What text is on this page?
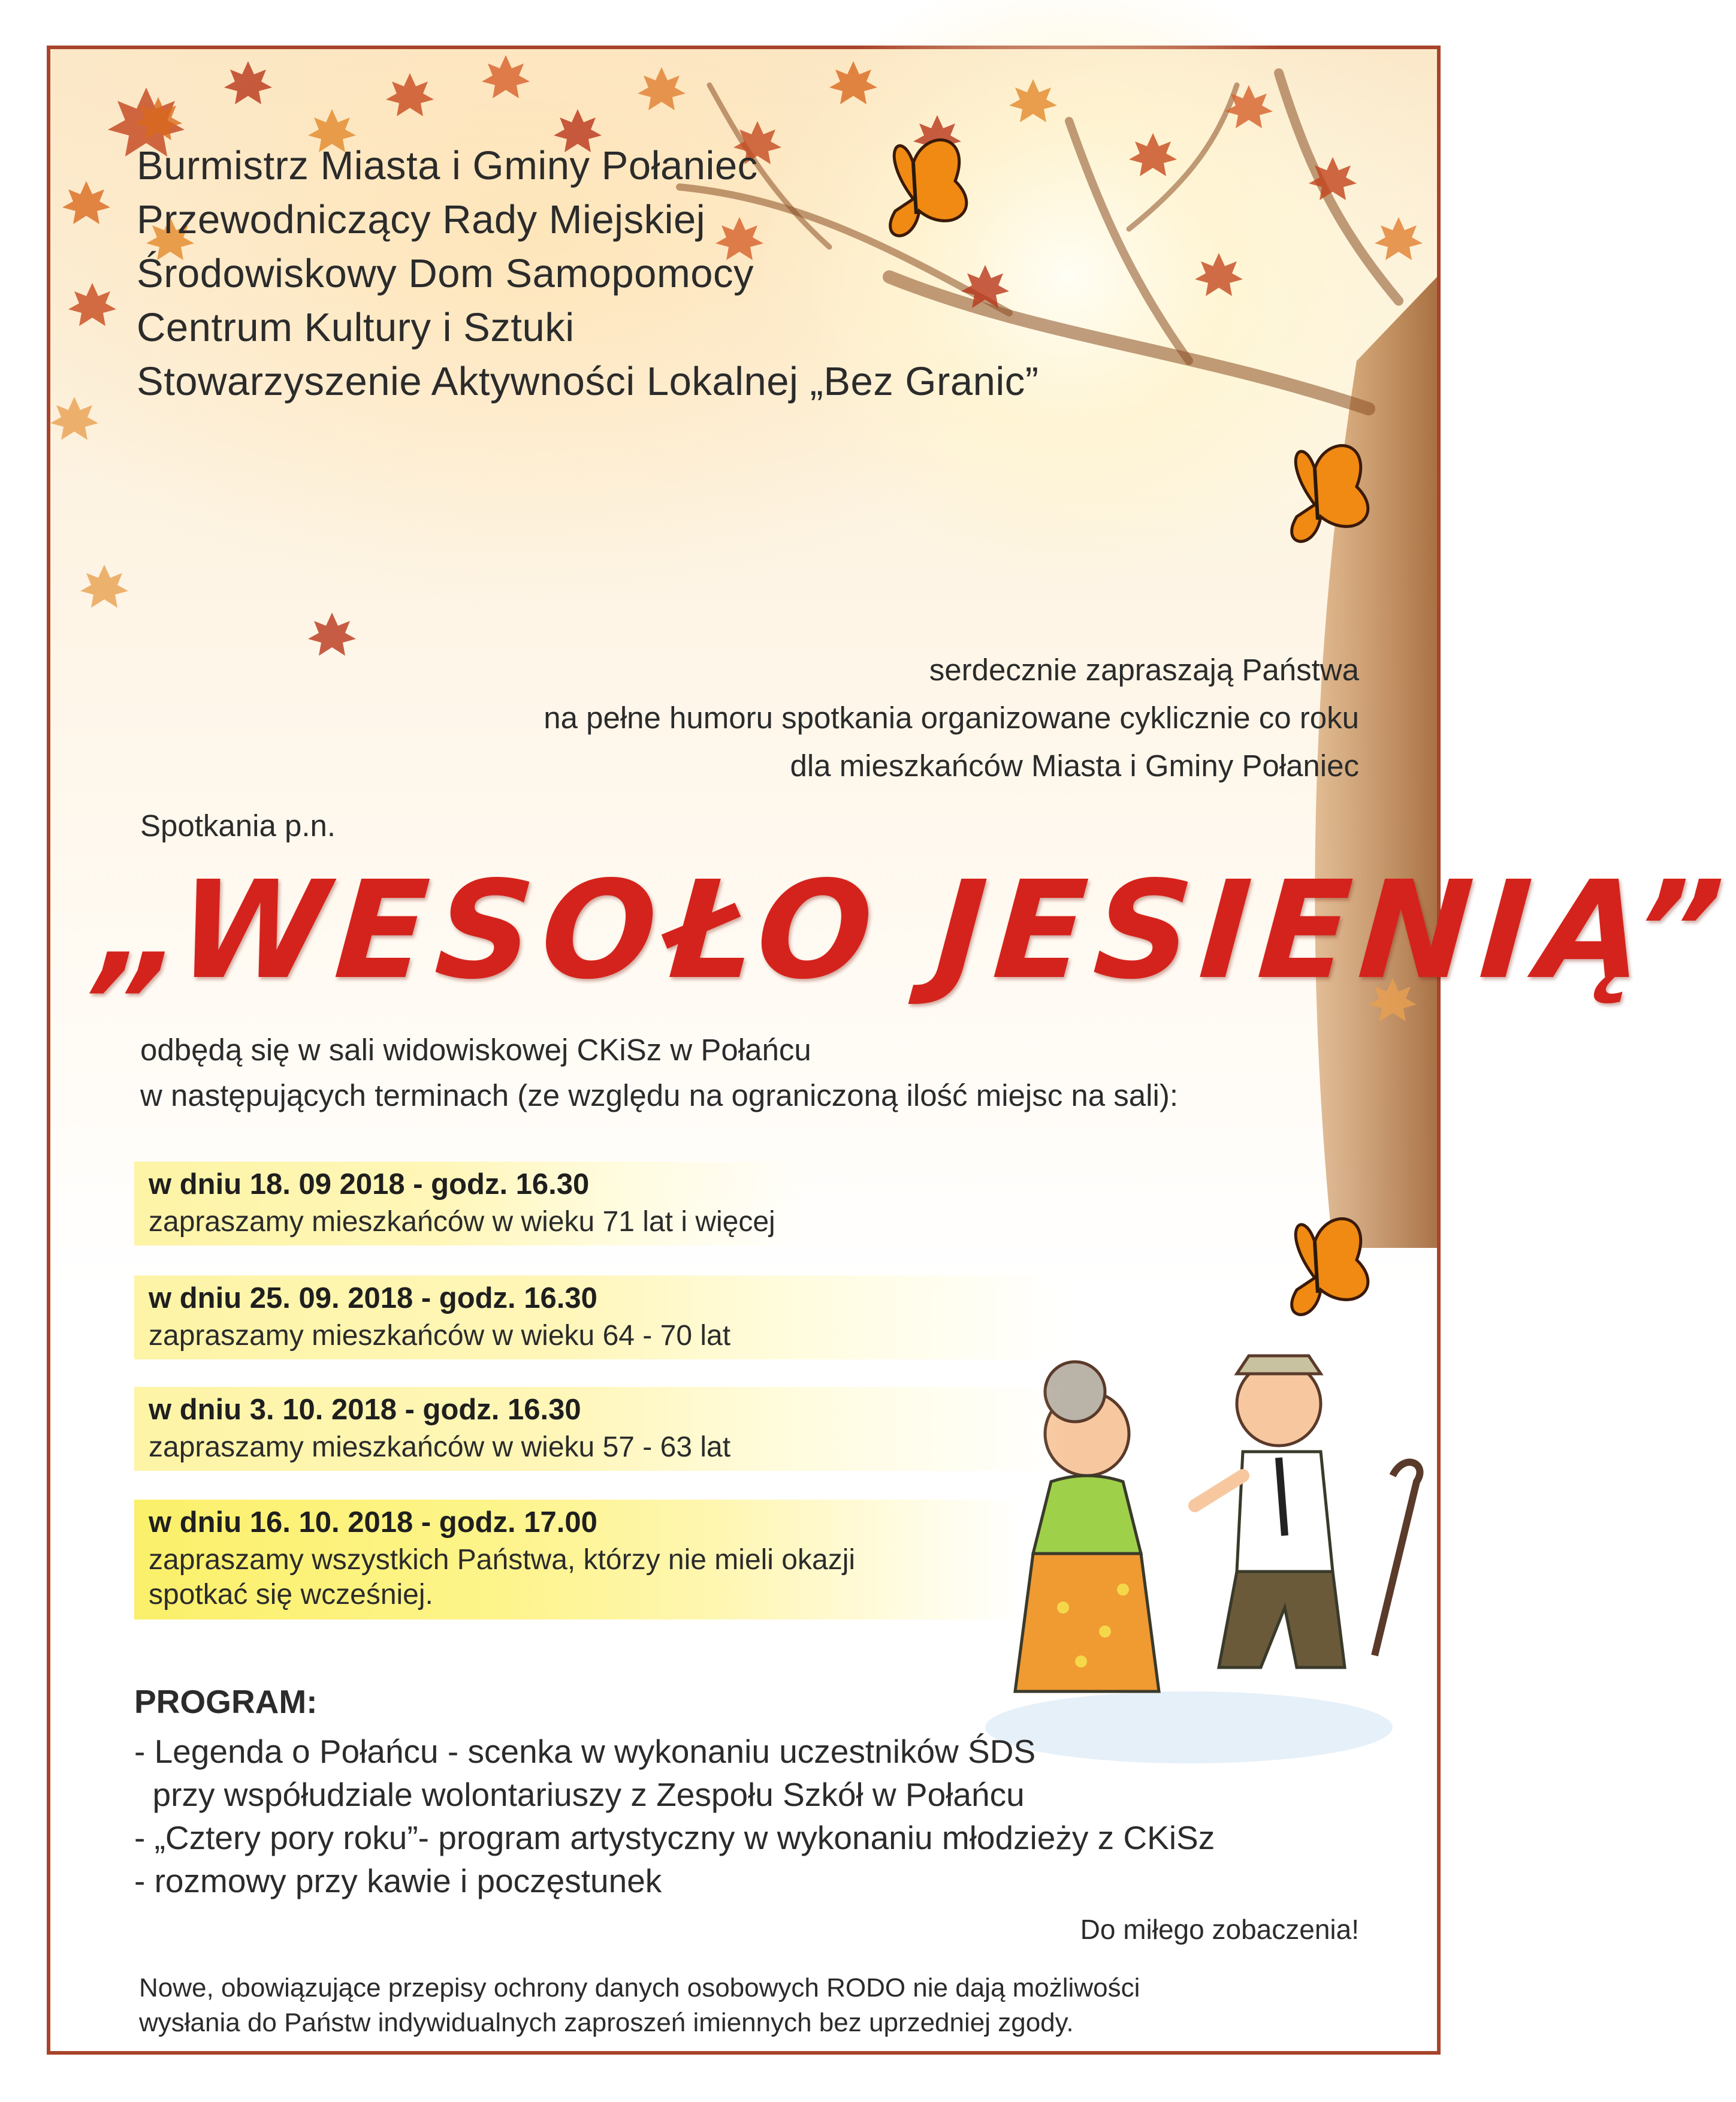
Burmistrz Miasta i Gminy Połaniec
Przewodniczący Rady Miejskiej
Środowiskowy Dom Samopomocy
Centrum Kultury i Sztuki
Stowarzyszenie Aktywności Lokalnej „Bez Granic”
serdecznie zapraszają Państwa
na pełne humoru spotkania organizowane cyklicznie co roku
dla mieszkańców Miasta i Gminy Połaniec
Spotkania p.n.
„WESOŁO JESIENIĄ”
odbędą się w sali widowiskowej CKiSz w Połańcu
w następujących terminach (ze względu na ograniczoną ilość miejsc na sali):
w dniu 18. 09 2018 - godz. 16.30
zapraszamy mieszkańców w wieku 71 lat i więcej
w dniu 25. 09. 2018 - godz. 16.30
zapraszamy mieszkańców w wieku 64 - 70 lat
w dniu 3. 10. 2018 - godz. 16.30
zapraszamy mieszkańców w wieku 57 - 63 lat
w dniu 16. 10. 2018 - godz. 17.00
zapraszamy wszystkich Państwa, którzy nie mieli okazji
spotkać się wcześniej.
PROGRAM:
- Legenda o Połańcu - scenka w wykonaniu uczestników ŚDS
przy współudziale wolontariuszy z Zespołu Szkół w Połańcu
- „Cztery pory roku”- program artystyczny w wykonaniu młodzieży z CKiSz
- rozmowy przy kawie i poczęstunek
Do miłego zobaczenia!
Nowe, obowiązujące przepisy ochrony danych osobowych RODO nie dają możliwości
wysłania do Państw indywidualnych zaproszeń imiennych bez uprzedniej zgody.
